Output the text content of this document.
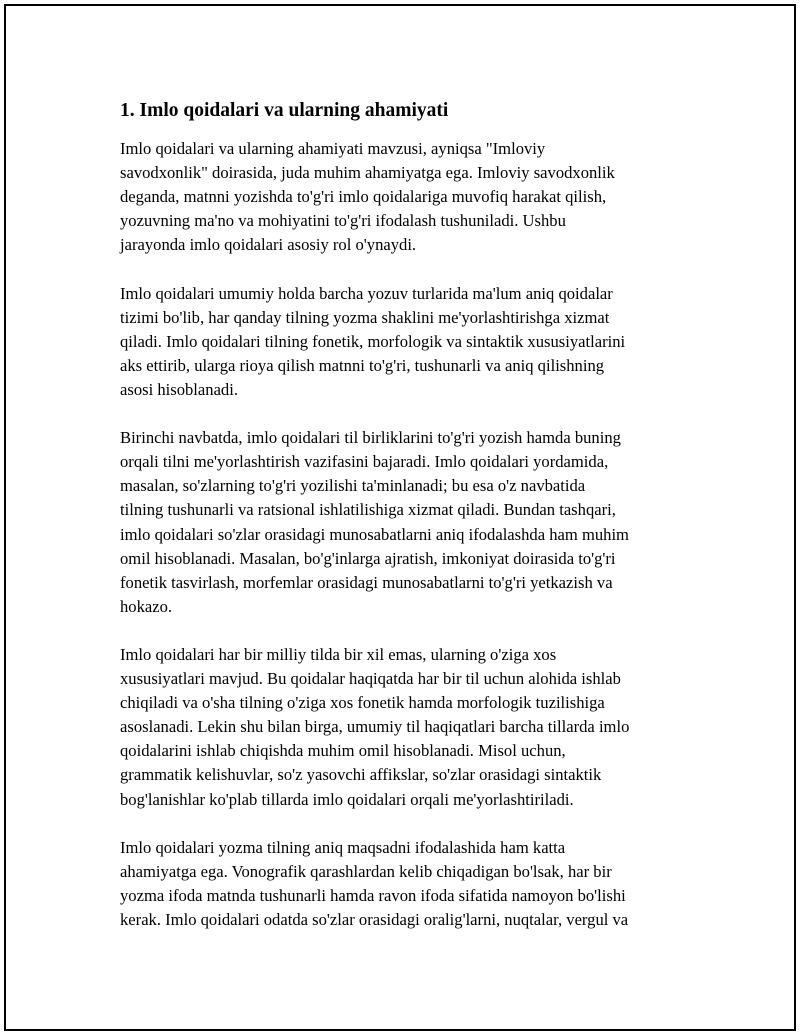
1. Imlo qoidalari va ularning ahamiyati

Imlo qoidalari va ularning ahamiyati mavzusi, ayniqsa "Imloviy
savodxonlik" doirasida, juda muhim ahamiyatga ega. Imloviy savodxonlik
deganda, matnni yozishda to'g'ri imlo qoidalariga muvofiq harakat qilish,
yozuvning ma'no va mohiyatini to'g'ri ifodalash tushuniladi. Ushbu
jarayonda imlo qoidalari asosiy rol o'ynaydi.

Imlo qoidalari umumiy holda barcha yozuv turlarida ma'lum aniq qoidalar
tizimi bo'lib, har qanday tilning yozma shaklini me'yorlashtirishga xizmat
qiladi. Imlo qoidalari tilning fonetik, morfologik va sintaktik xususiyatlarini
aks ettirib, ularga rioya qilish matnni to'g'ri, tushunarli va aniq qilishning
asosi hisoblanadi.

Birinchi navbatda, imlo qoidalari til birliklarini to'g'ri yozish hamda buning
orqali tilni me'yorlashtirish vazifasini bajaradi. Imlo qoidalari yordamida,
masalan, so'zlarning to'g'ri yozilishi ta'minlanadi; bu esa o'z navbatida
tilning tushunarli va ratsional ishlatilishiga xizmat qiladi. Bundan tashqari,
imlo qoidalari so'zlar orasidagi munosabatlarni aniq ifodalashda ham muhim
omil hisoblanadi. Masalan, bo'g'inlarga ajratish, imkoniyat doirasida to'g'ri
fonetik tasvirlash, morfemlar orasidagi munosabatlarni to'g'ri yetkazish va
hokazo.

Imlo qoidalari har bir milliy tilda bir xil emas, ularning o'ziga xos
xususiyatlari mavjud. Bu qoidalar haqiqatda har bir til uchun alohida ishlab
chiqiladi va o'sha tilning o'ziga xos fonetik hamda morfologik tuzilishiga
asoslanadi. Lekin shu bilan birga, umumiy til haqiqatlari barcha tillarda imlo
qoidalarini ishlab chiqishda muhim omil hisoblanadi. Misol uchun,
grammatik kelishuvlar, so'z yasovchi affikslar, so'zlar orasidagi sintaktik
bog'lanishlar ko'plab tillarda imlo qoidalari orqali me'yorlashtiriladi.

Imlo qoidalari yozma tilning aniq maqsadni ifodalashida ham katta
ahamiyatga ega. Vonografik qarashlardan kelib chiqadigan bo'lsak, har bir
yozma ifoda matnda tushunarli hamda ravon ifoda sifatida namoyon bo'lishi
kerak. Imlo qoidalari odatda so'zlar orasidagi oralig'larni, nuqtalar, vergul va
